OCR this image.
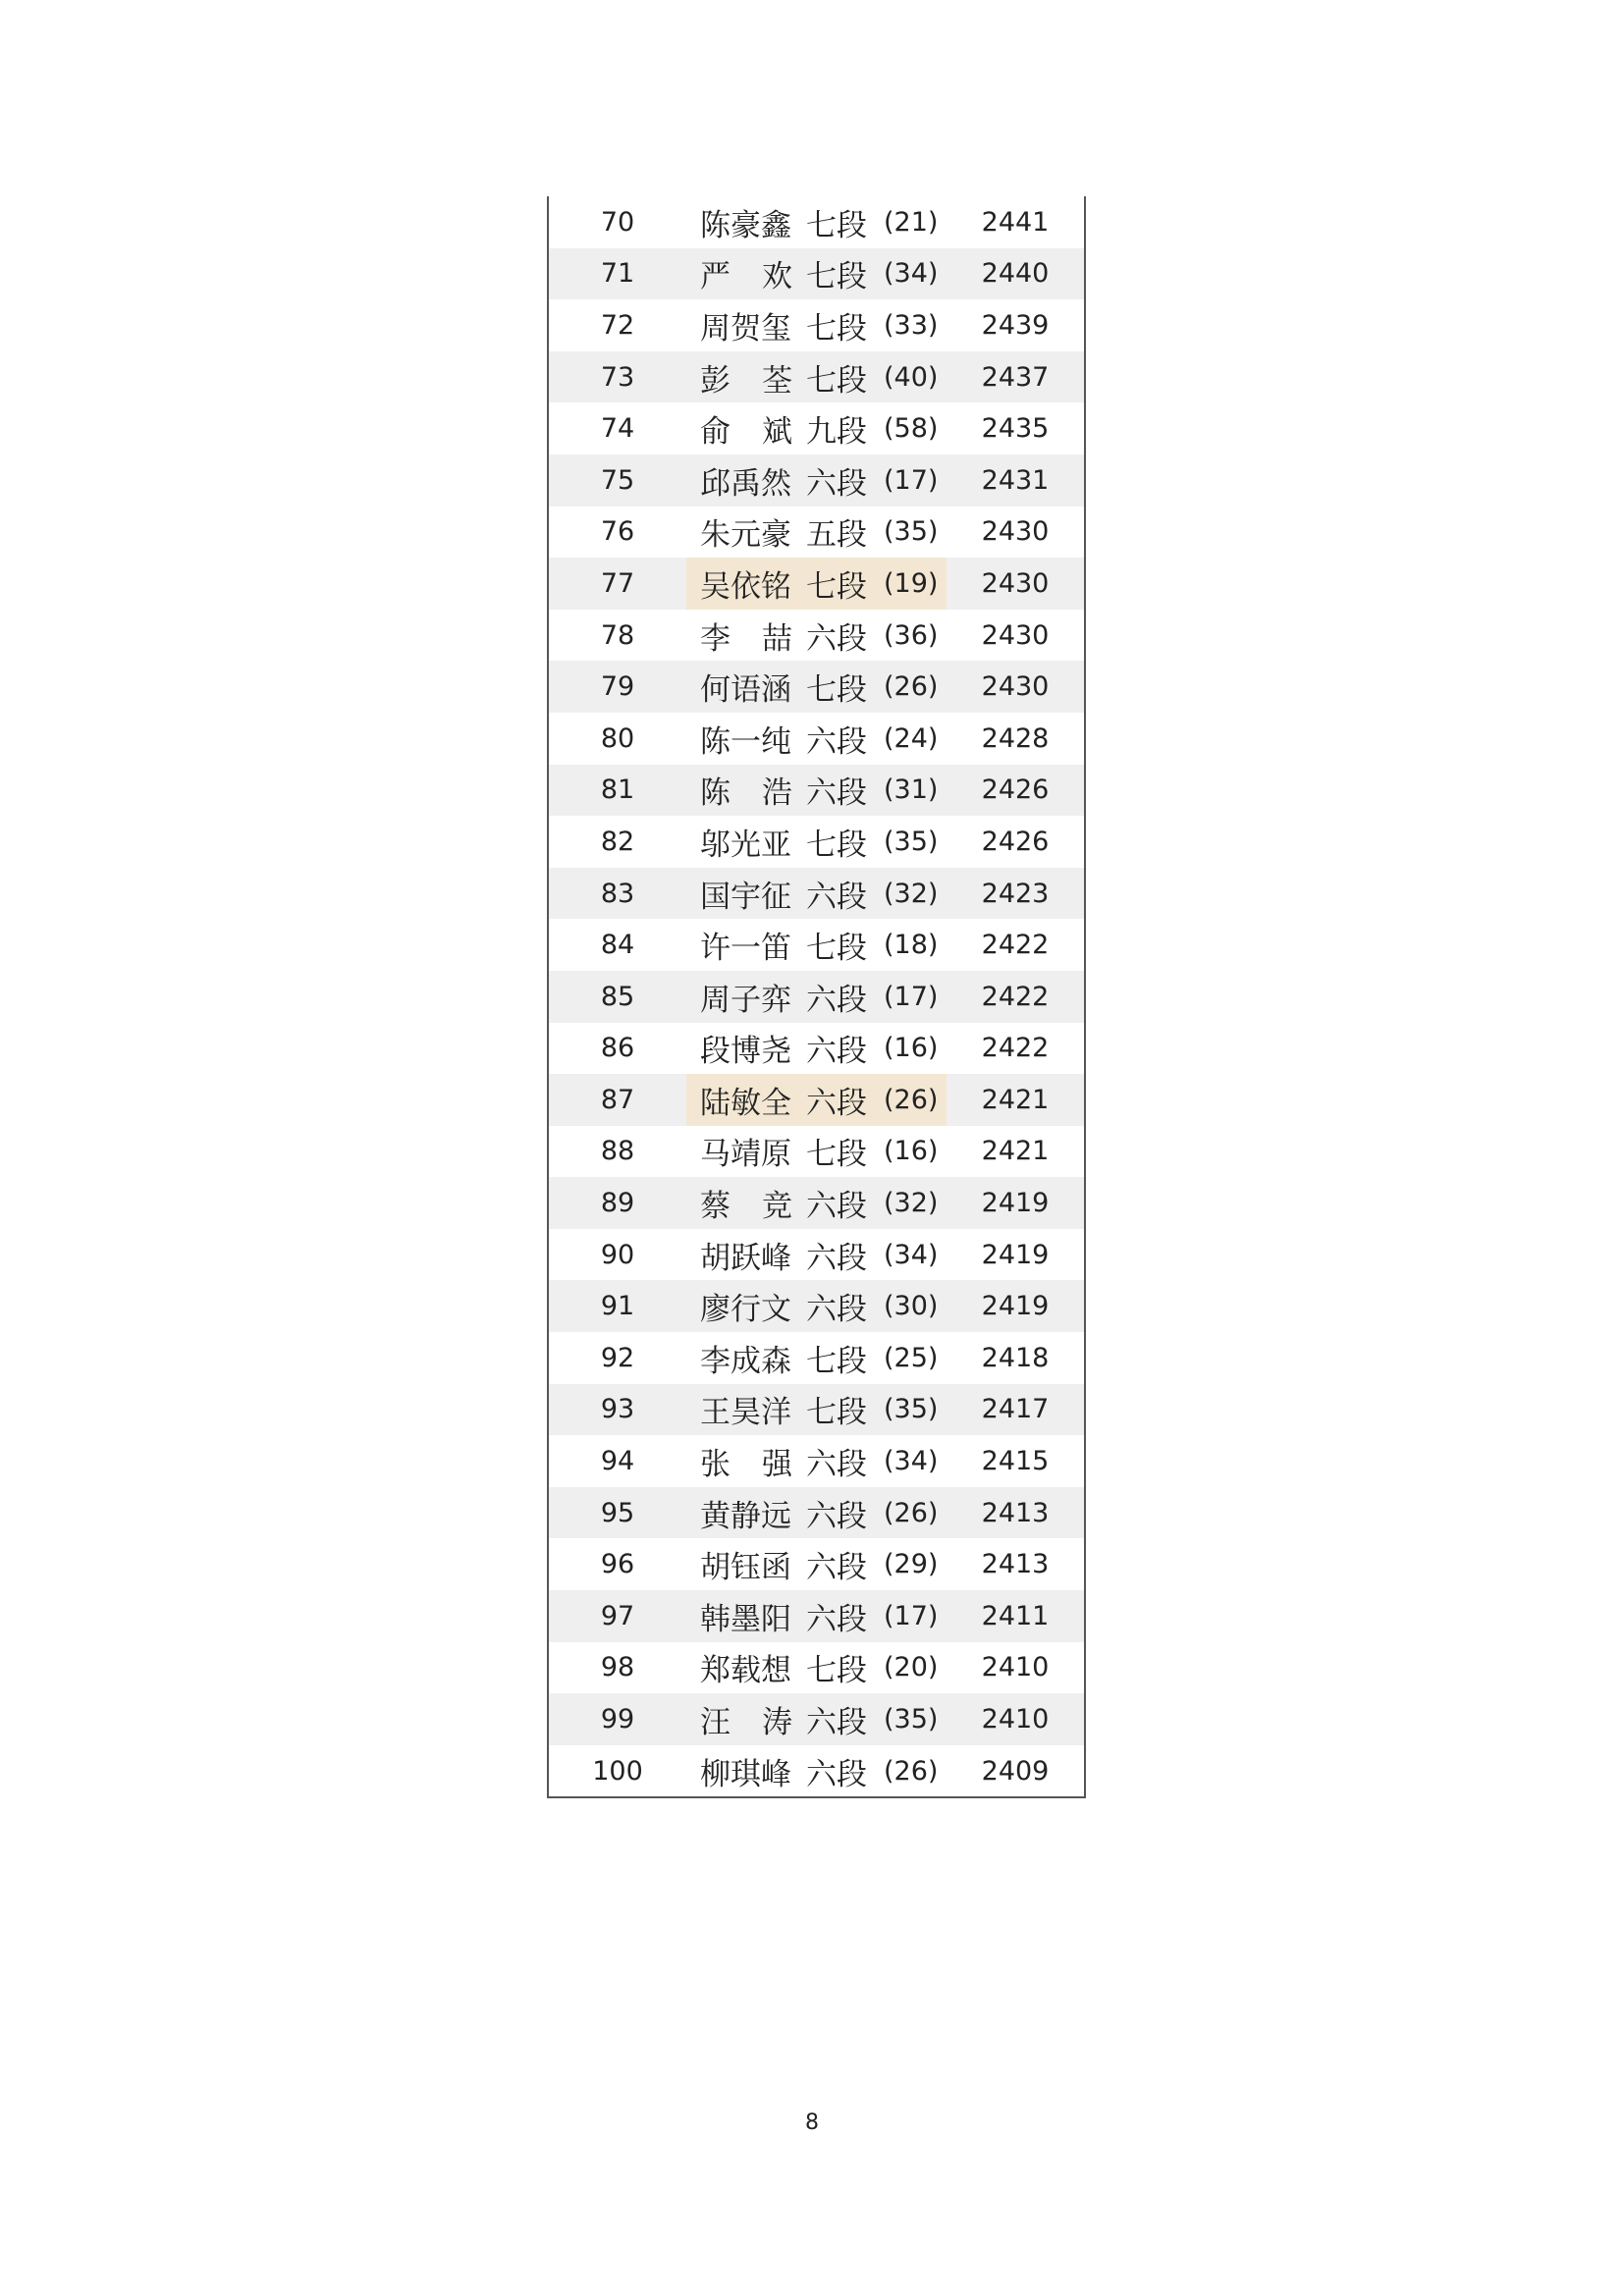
70	陈豪鑫 七段 (21)	2441
71	严 欢 七段 (34)	2440
72	周贺玺 七段 (33)	2439
73	彭 荃 七段 (40)	2437
74	俞 斌 九段 (58)	2435
75	邱禹然 六段 (17)	2431
76	朱元豪 五段 (35)	2430
77	吴依铭 七段 (19)	2430
78	李 喆 六段 (36)	2430
79	何语涵 七段 (26)	2430
80	陈一纯 六段 (24)	2428
81	陈 浩 六段 (31)	2426
82	邬光亚 七段 (35)	2426
83	国宇征 六段 (32)	2423
84	许一笛 七段 (18)	2422
85	周子弈 六段 (17)	2422
86	段博尧 六段 (16)	2422
87	陆敏全 六段 (26)	2421
88	马靖原 七段 (16)	2421
89	蔡 竞 六段 (32)	2419
90	胡跃峰 六段 (34)	2419
91	廖行文 六段 (30)	2419
92	李成森 七段 (25)	2418
93	王昊洋 七段 (35)	2417
94	张 强 六段 (34)	2415
95	黄静远 六段 (26)	2413
96	胡钰函 六段 (29)	2413
97	韩墨阳 六段 (17)	2411
98	郑载想 七段 (20)	2410
99	汪 涛 六段 (35)	2410
100	柳琪峰 六段 (26)	2409
8
